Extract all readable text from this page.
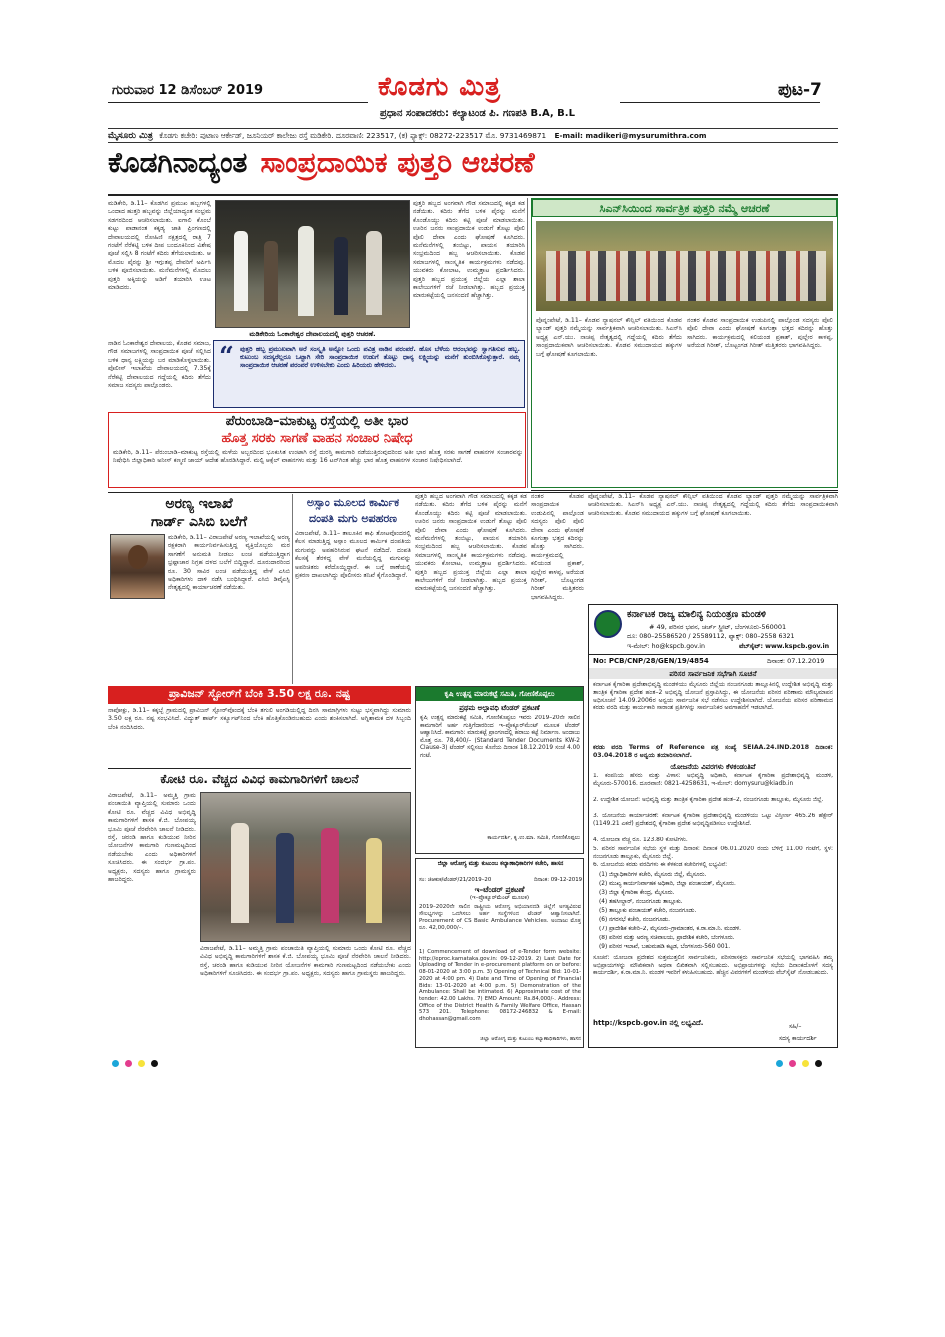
ಗುರುವಾರ 12 ಡಿಸೆಂಬರ್ 2019	ಕೊಡಗು ಮಿತ್ರ
ಪ್ರಧಾನ ಸಂಪಾದಕರು: ಕಲ್ಯಾಟಂಡ ಪಿ. ಗಣಪತಿ B.A, B.L
ಪುಟ-7
ಮೈಸೂರು ಮಿತ್ರ ಕೊಡಗು ಕಚೇರಿ: ಪುಟಾಣ ಆರ್ಕೇಡ್, ಜೂನಿಯರ್ ಕಾಲೇಜು ರಸ್ತೆ ಮಡಿಕೇರಿ. ದೂರವಾಣಿ: 223517, (ಕ) ಫ್ಯಾಕ್ಸ್: 08272-223517 ಮೊ. 9731469871 E-mail: madikeri@mysurumithra.com
ಕೊಡಗಿನಾದ್ಯಂತ ಸಾಂಪ್ರದಾಯಿಕ ಪುತ್ತರಿ ಆಚರಣೆ
ಮಡಿಕೇರಿ, ಡಿ.11– ಕೊಡಗಿನ ಪ್ರಮುಖ ಹಬ್ಬಗಳಲ್ಲಿ ಒಂದಾದ ಹುತ್ತರಿ ಹಬ್ಬವನ್ನು ಜಿಲ್ಲೆಯಾದ್ಯಂತ ಸಂಭ್ರಮ ಸಡಗರದಿಂದ ಆಚರಿಸಲಾಯಿತು. ಐಗಾಲಿ ಕೊಂಬೆ ಕುಟ್ಟು ಪಾಡಾನಂತ ಕಕ್ಕಡ್ಯ ಜಾತಿ ಪ್ರಿಂಗಣದಲ್ಲಿ ದೇವಾಲಯದಲ್ಲಿ ರೋಹಿಣಿ ನಕ್ಷತ್ರದಲ್ಲಿ ರಾತ್ರಿ 7 ಗಂಟೆಗೆ ನೆರೆಕಟ್ಟಿ ಬಳಿಕ ದೀಪ ಬಂದೂಕಿನಿಂದ ವಿಶೇಷ ಪೂಜೆ ಸಲ್ಲಿಸಿ 8 ಗಂಟೆಗೆ ಕದಿರು ತೆಗೆಯಲಾಯಿತು. ಆ ಮೊದಲ ಪೈರನ್ನು ಶ್ರೀ ಇಗ್ಗುತಪ್ಪ ದೇವರಿಗೆ ಅರ್ಪಿಸಿ ಬಳಿಕ ಪೂಜಿಸಲಾಯಿತು. ಮನೆಮನೆಗಳಲ್ಲಿ ಮೊದಲು ಪುತ್ತರಿ ಅಕ್ಕಿಯನ್ನು ಅಡಿಗೆ ತಯಾರಿಸಿ ಊಟ ಮಾಡಿದರು.
ನಾಡಿನ ಓಂಕಾರೇಶ್ವರ ದೇವಾಲಯ, ಕೊಡವ ಸಮಾಜ, ಗೌಡ ಸಮಾಜಗಳಲ್ಲಿ ಸಾಂಪ್ರದಾಯಿಕ ಪೂಜೆ ಸಲ್ಲಿಸಿದ ಬಳಿಕ ಧಾನ್ಯ ಲಕ್ಷ್ಮಿಯನ್ನು ಬರ ಮಾಡಿಕೊಳ್ಳಲಾಯಿತು. ಪೊಲೀಸ್ ಇಲಾಖೆಯ ದೇವಾಲಯದಲ್ಲಿ 7.35ಕ್ಕೆ ನೆರೆಕಟ್ಟಿ ದೇವಾಲಯದ ಗದ್ದೆಯಲ್ಲಿ ಕದಿರು ತೆಗೆದು ಸಮಾಜ ಸದಸ್ಯರು ಪಾಲ್ಗೊಂಡರು.
ಮಡಿಕೇರಿಯ ಓಂಕಾರೇಶ್ವರ ದೇವಾಲಯದಲ್ಲಿ ಪುತ್ತರಿ ಆಚರಣೆ.
“ ಪುತ್ತರಿ ಹಬ್ಬ ಪ್ರಮುಖವಾಗಿ ಅರೆ ಸಂಸ್ಕೃತಿ ಅನ್ನೋ ಒಂದು ಪವಿತ್ರ ನಾಡಿನ ಪರಂಪರೆ. ಹೊಸ ಬೆಳೆಯ ಆರಂಭವನ್ನು ಸ್ವಾಗತಿಸುವ ಹಬ್ಬ. ಕುಟುಂಬ ಸದಸ್ಯರೆಲ್ಲರೂ ಒಟ್ಟಾಗಿ ಸೇರಿ ಸಾಂಪ್ರದಾಯಿಕ ಉಡುಗೆ ತೊಟ್ಟು ಧಾನ್ಯ ಲಕ್ಷ್ಮಿಯನ್ನು ಮನೆಗೆ ತುಂಬಿಸಿಕೊಳ್ಳುತ್ತಾರೆ. ನಮ್ಮ ಸಾಂಪ್ರದಾಯಿಕ ಆಚರಣೆ ಪರಂಪರೆ ಉಳಿಸಬೇಕು ಎಂದು ಹಿರಿಯರು ಹೇಳಿದರು.
ಪುತ್ತರಿ ಹಬ್ಬದ ಅಂಗವಾಗಿ ಗೌಡ ಸಮಾಜದಲ್ಲಿ ಕಕ್ಕಡ ಕಡ ನಡೆಯಿತು. ಕದಿರು ತೆಗೆದ ಬಳಿಕ ಪೈರನ್ನು ಮನೆಗೆ ಕೊಂಡೊಯ್ದು ಕದಿರು ಕಟ್ಟಿ ಪೂಜೆ ಮಾಡಲಾಯಿತು. ಊರಿನ ಜನರು ಸಾಂಪ್ರದಾಯಿಕ ಉಡುಗೆ ತೊಟ್ಟು ಪೊಲಿ ಪೊಲಿ ದೇವಾ ಎಂದು ಘೋಷಣೆ ಕೂಗಿದರು. ಮನೆಮನೆಗಳಲ್ಲಿ ತಂಬಿಟ್ಟು, ಪಾಯಸ ತಯಾರಿಸಿ ಸಂಭ್ರಮದಿಂದ ಹಬ್ಬ ಆಚರಿಸಲಾಯಿತು. ಕೊಡವ ಸಮಾಜಗಳಲ್ಲಿ ಸಾಂಸ್ಕೃತಿಕ ಕಾರ್ಯಕ್ರಮಗಳು ನಡೆದವು. ಯುವಕರು ಕೋಲಾಟ, ಉಮ್ಮತ್ತಾಟ ಪ್ರದರ್ಶಿಸಿದರು. ಪುತ್ತರಿ ಹಬ್ಬದ ಪ್ರಯುಕ್ತ ಜಿಲ್ಲೆಯ ಎಲ್ಲಾ ಶಾಲಾ ಕಾಲೇಜುಗಳಿಗೆ ರಜೆ ನೀಡಲಾಗಿತ್ತು. ಹಬ್ಬದ ಪ್ರಯುಕ್ತ ಮಾರುಕಟ್ಟೆಯಲ್ಲಿ ಜನಸಂದಣಿ ಹೆಚ್ಚಾಗಿತ್ತು.
ಸಿಎನ್‌ಸಿಯಿಂದ ಸಾರ್ವತ್ರಿಕ ಪುತ್ತರಿ ನಮ್ಮೆ ಆಚರಣೆ
ಪೊನ್ನಂಪೇಟೆ, ಡಿ.11– ಕೊಡವ ನ್ಯಾಷನಲ್ ಕೌನ್ಸಿಲ್ ವತಿಯಿಂದ ಕೊಡವ ಲ್ಯಾಂಡ್ ಪುತ್ತರಿ ನಮ್ಮೆಯನ್ನು ಸಾರ್ವತ್ರಿಕವಾಗಿ ಆಚರಿಸಲಾಯಿತು. ಸಿಎನ್‌ಸಿ ಅಧ್ಯಕ್ಷ ಎನ್.ಯು. ನಾಚಪ್ಪ ನೇತೃತ್ವದಲ್ಲಿ ಗದ್ದೆಯಲ್ಲಿ ಕದಿರು ತೆಗೆದು ಸಾಂಪ್ರದಾಯಿಕವಾಗಿ ಆಚರಿಸಲಾಯಿತು. ಕೊಡವ ಸಮುದಾಯದ ಹಕ್ಕುಗಳ ಬಗ್ಗೆ ಘೋಷಣೆ ಕೂಗಲಾಯಿತು.
ನಂತರ ಕೊಡವ ಸಾಂಪ್ರದಾಯಿಕ ಉಡುಪಿನಲ್ಲಿ ಪಾಲ್ಗೊಂಡ ಸದಸ್ಯರು ಪೊಲಿ ಪೊಲಿ ದೇವಾ ಎಂದು ಘೋಷಣೆ ಕೂಗುತ್ತಾ ಭತ್ತದ ಕದಿರನ್ನು ಹೊತ್ತು ಸಾಗಿದರು. ಕಾರ್ಯಕ್ರಮದಲ್ಲಿ ಕಲಿಯಂಡ ಪ್ರಕಾಶ್, ಪುಲ್ಲೇರ ಕಾಳಪ್ಪ, ಅರೆಯಡ ಗಿರೀಶ್, ಬೊಟ್ಟಂಗಡ ಗಿರೀಶ್ ಮತ್ತಿತರರು ಭಾಗವಹಿಸಿದ್ದರು.
ಪೆರುಂಬಾಡಿ–ಮಾಕುಟ್ಟ ರಸ್ತೆಯಲ್ಲಿ ಅತೀ ಭಾರ
ಹೊತ್ತ ಸರಕು ಸಾಗಣೆ ವಾಹನ ಸಂಚಾರ ನಿಷೇಧ
ಮಡಿಕೇರಿ, ಡಿ.11– ಪೆರುಂಬಾಡಿ–ಮಾಕುಟ್ಟ ರಸ್ತೆಯಲ್ಲಿ ಮಳೆಯ ಅಬ್ಬರದಿಂದ ಭೂಕುಸಿತ ಉಂಟಾಗಿ ರಸ್ತೆ ದುರಸ್ತಿ ಕಾಮಗಾರಿ ನಡೆಯುತ್ತಿರುವುದರಿಂದ ಅತೀ ಭಾರ ಹೊತ್ತ ಸರಕು ಸಾಗಣೆ ವಾಹನಗಳ ಸಂಚಾರವನ್ನು ನಿಷೇಧಿಸಿ ಜಿಲ್ಲಾಧಿಕಾರಿ ಅನೀಸ್ ಕಣ್ಮಣಿ ಜಾಯ್ ಆದೇಶ ಹೊರಡಿಸಿದ್ದಾರೆ. ಮಲ್ಟಿ ಆಕ್ಸೆಲ್ ವಾಹನಗಳು ಮತ್ತು 16 ಟನ್‌ಗಿಂತ ಹೆಚ್ಚು ಭಾರ ಹೊತ್ತ ವಾಹನಗಳ ಸಂಚಾರ ನಿಷೇಧಿಸಲಾಗಿದೆ.
ಅರಣ್ಯ ಇಲಾಖೆ
ಗಾರ್ಡ್ ಎಸಿಬಿ ಬಲೆಗೆ
ಮಡಿಕೇರಿ, ಡಿ.11– ವಿರಾಜಪೇಟೆ ಅರಣ್ಯ ಇಲಾಖೆಯಲ್ಲಿ ಅರಣ್ಯ ರಕ್ಷಕರಾಗಿ ಕಾರ್ಯನಿರ್ವಹಿಸುತ್ತಿದ್ದ ವ್ಯಕ್ತಿಯೊಬ್ಬರು ಮರ ಸಾಗಣೆಗೆ ಅನುಮತಿ ನೀಡಲು ಲಂಚ ಪಡೆಯುತ್ತಿದ್ದಾಗ ಭ್ರಷ್ಟಾಚಾರ ನಿಗ್ರಹ ದಳದ ಬಲೆಗೆ ಬಿದ್ದಿದ್ದಾರೆ. ದೂರುದಾರರಿಂದ ರೂ. 30 ಸಾವಿರ ಲಂಚ ಪಡೆಯುತ್ತಿದ್ದ ವೇಳೆ ಎಸಿಬಿ ಅಧಿಕಾರಿಗಳು ದಾಳಿ ನಡೆಸಿ ಬಂಧಿಸಿದ್ದಾರೆ. ಎಸಿಬಿ ಡಿವೈಎಸ್ಪಿ ನೇತೃತ್ವದಲ್ಲಿ ಕಾರ್ಯಾಚರಣೆ ನಡೆಯಿತು.
ಅಸ್ಸಾಂ ಮೂಲದ ಕಾರ್ಮಿಕ
ದಂಪತಿ ಮಗು ಅಪಹರಣ
ವಿರಾಜಪೇಟೆ, ಡಿ.11– ತಾಲೂಕಿನ ಕಾಫಿ ತೋಟವೊಂದರಲ್ಲಿ ಕೆಲಸ ಮಾಡುತ್ತಿದ್ದ ಅಸ್ಸಾಂ ಮೂಲದ ಕಾರ್ಮಿಕ ದಂಪತಿಯ ಮಗುವನ್ನು ಅಪಹರಿಸಿರುವ ಘಟನೆ ನಡೆದಿದೆ. ದಂಪತಿ ಕೆಲಸಕ್ಕೆ ತೆರಳಿದ್ದ ವೇಳೆ ಮನೆಯಲ್ಲಿದ್ದ ಮಗುವನ್ನು ಅಪರಿಚಿತರು ಕರೆದೊಯ್ದಿದ್ದಾರೆ. ಈ ಬಗ್ಗೆ ಠಾಣೆಯಲ್ಲಿ ಪ್ರಕರಣ ದಾಖಲಾಗಿದ್ದು ಪೊಲೀಸರು ತನಿಖೆ ಕೈಗೊಂಡಿದ್ದಾರೆ.
ಪ್ರಾವಿಜನ್ ಸ್ಟೋರ್‌ಗೆ ಬೆಂಕಿ 3.50 ಲಕ್ಷ ರೂ. ನಷ್ಟ
ನಾಪೋಕ್ಲು, ಡಿ.11– ಕಕ್ಕಬ್ಬೆ ಗ್ರಾಮದಲ್ಲಿ ಪ್ರಾವಿಜನ್ ಸ್ಟೋರ್‌ವೊಂದಕ್ಕೆ ಬೆಂಕಿ ತಗುಲಿ ಅಂಗಡಿಯಲ್ಲಿದ್ದ ದಿನಸಿ ಸಾಮಾಗ್ರಿಗಳು ಸುಟ್ಟು ಭಸ್ಮವಾಗಿದ್ದು ಸುಮಾರು 3.50 ಲಕ್ಷ ರೂ. ನಷ್ಟ ಸಂಭವಿಸಿದೆ. ವಿದ್ಯುತ್ ಶಾರ್ಟ್ ಸರ್ಕ್ಯೂಟ್‌ನಿಂದ ಬೆಂಕಿ ಹೊತ್ತಿಕೊಂಡಿರಬಹುದು ಎಂದು ಶಂಕಿಸಲಾಗಿದೆ. ಅಗ್ನಿಶಾಮಕ ದಳ ಸಿಬ್ಬಂದಿ ಬೆಂಕಿ ನಂದಿಸಿದರು.
ಕೋಟಿ ರೂ. ವೆಚ್ಚದ ವಿವಿಧ ಕಾಮಗಾರಿಗಳಿಗೆ ಚಾಲನೆ
ವಿರಾಜಪೇಟೆ, ಡಿ.11– ಅಮ್ಮತ್ತಿ ಗ್ರಾಮ ಪಂಚಾಯಿತಿ ವ್ಯಾಪ್ತಿಯಲ್ಲಿ ಸುಮಾರು ಒಂದು ಕೋಟಿ ರೂ. ವೆಚ್ಚದ ವಿವಿಧ ಅಭಿವೃದ್ಧಿ ಕಾಮಗಾರಿಗಳಿಗೆ ಶಾಸಕ ಕೆ.ಜಿ. ಬೋಪಯ್ಯ ಭೂಮಿ ಪೂಜೆ ನೆರವೇರಿಸಿ ಚಾಲನೆ ನೀಡಿದರು. ರಸ್ತೆ, ಚರಂಡಿ ಹಾಗೂ ಕುಡಿಯುವ ನೀರಿನ ಯೋಜನೆಗಳ ಕಾಮಗಾರಿ ಗುಣಮಟ್ಟದಿಂದ ನಡೆಯಬೇಕು ಎಂದು ಅಧಿಕಾರಿಗಳಿಗೆ ಸೂಚಿಸಿದರು. ಈ ಸಂದರ್ಭ ಗ್ರಾ.ಪಂ. ಅಧ್ಯಕ್ಷರು, ಸದಸ್ಯರು ಹಾಗೂ ಗ್ರಾಮಸ್ಥರು ಹಾಜರಿದ್ದರು.
ವಿರಾಜಪೇಟೆ, ಡಿ.11– ಅಮ್ಮತ್ತಿ ಗ್ರಾಮ ಪಂಚಾಯಿತಿ ವ್ಯಾಪ್ತಿಯಲ್ಲಿ ಸುಮಾರು ಒಂದು ಕೋಟಿ ರೂ. ವೆಚ್ಚದ ವಿವಿಧ ಅಭಿವೃದ್ಧಿ ಕಾಮಗಾರಿಗಳಿಗೆ ಶಾಸಕ ಕೆ.ಜಿ. ಬೋಪಯ್ಯ ಭೂಮಿ ಪೂಜೆ ನೆರವೇರಿಸಿ ಚಾಲನೆ ನೀಡಿದರು. ರಸ್ತೆ, ಚರಂಡಿ ಹಾಗೂ ಕುಡಿಯುವ ನೀರಿನ ಯೋಜನೆಗಳ ಕಾಮಗಾರಿ ಗುಣಮಟ್ಟದಿಂದ ನಡೆಯಬೇಕು ಎಂದು ಅಧಿಕಾರಿಗಳಿಗೆ ಸೂಚಿಸಿದರು. ಈ ಸಂದರ್ಭ ಗ್ರಾ.ಪಂ. ಅಧ್ಯಕ್ಷರು, ಸದಸ್ಯರು ಹಾಗೂ ಗ್ರಾಮಸ್ಥರು ಹಾಜರಿದ್ದರು.
ಕೃಷಿ ಉತ್ಪನ್ನ ಮಾರುಕಟ್ಟೆ ಸಮಿತಿ, ಗೋಣಿಕೊಪ್ಪಲು
ಪ್ರಥಮ ಅಲ್ಪಾವಧಿ ಟೆಂಡರ್ ಪ್ರಕಟಣೆ
ಕೃಷಿ ಉತ್ಪನ್ನ ಮಾರುಕಟ್ಟೆ ಸಮಿತಿ, ಗೋಣಿಕೊಪ್ಪಲು ಇವರು 2019–20ನೇ ಸಾಲಿನ ಕಾಮಗಾರಿಗೆ ಅರ್ಹ ಗುತ್ತಿಗೆದಾರರಿಂದ ಇ–ಪ್ರೊಕ್ಯೂರ್‌ಮೆಂಟ್ ಮೂಲಕ ಟೆಂಡರ್ ಆಹ್ವಾನಿಸಿದೆ. ಕಾಮಗಾರಿ: ಮಾರುಕಟ್ಟೆ ಪ್ರಾಂಗಣದಲ್ಲಿ ಹರಾಜು ಕಟ್ಟೆ ನಿರ್ಮಾಣ. ಅಂದಾಜು ಮೊತ್ತ ರೂ. 78,400/– (Standard Tender Documents KW-2 Clause-3) ಟೆಂಡರ್ ಸಲ್ಲಿಸಲು ಕೊನೆಯ ದಿನಾಂಕ 18.12.2019 ಸಂಜೆ 4.00 ಗಂಟೆ.
ಕಾರ್ಯದರ್ಶಿ, ಕೃ.ಉ.ಮಾ. ಸಮಿತಿ, ಗೋಣಿಕೊಪ್ಪಲು
ಜಿಲ್ಲಾ ಆರೋಗ್ಯ ಮತ್ತು ಕುಟುಂಬ ಕಲ್ಯಾಣಾಧಿಕಾರಿಗಳ ಕಚೇರಿ, ಹಾಸನ
ಸಂ: ಜಿಆಕುಕ/ಟೆಂಡರ್/21/2019–20	ದಿನಾಂಕ: 09-12-2019
ಇ–ಟೆಂಡರ್ ಪ್ರಕಟಣೆ
(ಇ–ಪ್ರೊಕ್ಯೂರ್‌ಮೆಂಟ್ ಮೂಲಕ)
2019–2020ನೇ ಸಾಲಿನ ರಾಷ್ಟ್ರೀಯ ಆರೋಗ್ಯ ಅಭಿಯಾನದಡಿ ಜಿಲ್ಲೆಗೆ ಅಗತ್ಯವಿರುವ ಸೌಲಭ್ಯಗಳನ್ನು ಒದಗಿಸಲು ಅರ್ಹ ಸಂಸ್ಥೆಗಳಿಂದ ಟೆಂಡರ್ ಆಹ್ವಾನಿಸಲಾಗಿದೆ. Procurement of CS Basic Ambulance Vehicles. ಅಂದಾಜು ಮೊತ್ತ ರೂ. 42,00,000/–.
1) Commencement of download of e-Tender form website: http://eproc.karnataka.gov.in: 09-12-2019. 2) Last Date for Uploading of Tender in e-procurement platform on or before: 08-01-2020 at 3:00 p.m. 3) Opening of Technical Bid: 10-01-2020 at 4:00 pm. 4) Date and Time of Opening of Financial Bids: 13-01-2020 at 4:00 p.m. 5) Demonstration of the Ambulance: Shall be intimated. 6) Approximate cost of the tender: 42.00 Lakhs. 7) EMD Amount: Rs.84,000/-. Address: Office of the District Health & Family Welfare Office, Hassan 573 201. Telephone: 08172-246832 & E-mail: dhohassan@gmail.com
ಜಿಲ್ಲಾ ಆರೋಗ್ಯ ಮತ್ತು ಕುಟುಂಬ ಕಲ್ಯಾಣಾಧಿಕಾರಿಗಳು, ಹಾಸನ
ಕರ್ನಾಟಕ ರಾಜ್ಯ ಮಾಲಿನ್ಯ ನಿಯಂತ್ರಣ ಮಂಡಳಿ
# 49, ಪರಿಸರ ಭವನ, ಚರ್ಚ್ ಸ್ಟ್ರೀಟ್, ಬೆಂಗಳೂರು-560001
ದೂ: 080–25586520 / 25589112, ಫ್ಯಾಕ್ಸ್: 080–2558 6321
ಇ-ಮೇಲ್: ho@kspcb.gov.in	ವೆಬ್‌ಸೈಟ್: www.kspcb.gov.in
No: PCB/CNP/28/GEN/19/4854	ದಿನಾಂಕ: 07.12.2019
ಪರಿಸರ ಸಾರ್ವಜನಿಕ ಸಭೆಗಾಗಿ ಸೂಚನೆ
ಕರ್ನಾಟಕ ಕೈಗಾರಿಕಾ ಪ್ರದೇಶಾಭಿವೃದ್ಧಿ ಮಂಡಳಿಯು ಮೈಸೂರು ಜಿಲ್ಲೆಯ ನಂಜನಗೂಡು ತಾಲ್ಲೂಕಿನಲ್ಲಿ ಉದ್ದೇಶಿತ ಅಭಿವೃದ್ಧಿ ಮತ್ತು ತಾಂತ್ರಿಕ ಕೈಗಾರಿಕಾ ಪ್ರದೇಶ ಹಂತ–2 ಅಭಿವೃದ್ಧಿ ಯೋಜನೆ ಪ್ರಸ್ತಾಪಿಸಿದ್ದು, ಈ ಯೋಜನೆಯ ಪರಿಸರ ಪರಿಣಾಮ ಮೌಲ್ಯಮಾಪನ ಅಧಿಸೂಚನೆ 14.09.2006ರ ಅನ್ವಯ ಸಾರ್ವಜನಿಕ ಸಭೆ ನಡೆಸಲು ಉದ್ದೇಶಿಸಲಾಗಿದೆ. ಯೋಜನೆಯ ಪರಿಸರ ಪರಿಣಾಮದ ಕರಡು ವರದಿ ಮತ್ತು ಕಾರ್ಯಕಾರಿ ಸಾರಾಂಶ ಪ್ರತಿಗಳನ್ನು ಸಾರ್ವಜನಿಕರ ಅವಗಾಹನೆಗೆ ಇಡಲಾಗಿದೆ.
ಕರಡು ವರದಿ Terms of Reference ಪತ್ರ ಸಂಖ್ಯೆ SEIAA.24.IND.2018 ದಿನಾಂಕ: 03.04.2018 ರ ಅನ್ವಯ ತಯಾರಿಸಲಾಗಿದೆ.
ಯೋಜನೆಯ ವಿವರಗಳು ಕೆಳಕಂಡಂತಿವೆ
1. ಕಂಪನಿಯ ಹೆಸರು ಮತ್ತು ವಿಳಾಸ: ಅಭಿವೃದ್ಧಿ ಅಧಿಕಾರಿ, ಕರ್ನಾಟಕ ಕೈಗಾರಿಕಾ ಪ್ರದೇಶಾಭಿವೃದ್ಧಿ ಮಂಡಳಿ, ಮೈಸೂರು-570016. ದೂರವಾಣಿ: 0821-4258631, ಇ-ಮೇಲ್: domysuru@kiadb.in
2. ಉದ್ದೇಶಿತ ಯೋಜನೆ: ಅಭಿವೃದ್ಧಿ ಮತ್ತು ತಾಂತ್ರಿಕ ಕೈಗಾರಿಕಾ ಪ್ರದೇಶ ಹಂತ–2, ನಂಜನಗೂಡು ತಾಲ್ಲೂಕು, ಮೈಸೂರು ಜಿಲ್ಲೆ.
3. ಯೋಜನೆಯ ಕಾರ್ಯಾಚರಣೆ: ಕರ್ನಾಟಕ ಕೈಗಾರಿಕಾ ಪ್ರದೇಶಾಭಿವೃದ್ಧಿ ಮಂಡಳಿಯು ಒಟ್ಟು ವಿಸ್ತೀರ್ಣ 465.26 ಹೆಕ್ಟೇರ್ (1149.21 ಎಕರೆ) ಪ್ರದೇಶದಲ್ಲಿ ಕೈಗಾರಿಕಾ ಪ್ರದೇಶ ಅಭಿವೃದ್ಧಿಪಡಿಸಲು ಉದ್ದೇಶಿಸಿದೆ.
4. ಯೋಜನಾ ವೆಚ್ಚ ರೂ. 123.80 ಕೋಟಿಗಳು.
5. ಪರಿಸರ ಸಾರ್ವಜನಿಕ ಸಭೆಯ ಸ್ಥಳ ಮತ್ತು ದಿನಾಂಕ: ದಿನಾಂಕ 06.01.2020 ರಂದು ಬೆಳಿಗ್ಗೆ 11.00 ಗಂಟೆಗೆ, ಸ್ಥಳ: ನಂಜನಗೂಡು ತಾಲ್ಲೂಕು, ಮೈಸೂರು ಜಿಲ್ಲೆ.
6. ಯೋಜನೆಯ ಕರಡು ವರದಿಗಳು ಈ ಕೆಳಕಂಡ ಕಚೇರಿಗಳಲ್ಲಿ ಲಭ್ಯವಿವೆ:
(1) ಜಿಲ್ಲಾಧಿಕಾರಿಗಳ ಕಚೇರಿ, ಮೈಸೂರು ಜಿಲ್ಲೆ, ಮೈಸೂರು.
(2) ಮುಖ್ಯ ಕಾರ್ಯನಿರ್ವಾಹಕ ಅಧಿಕಾರಿ, ಜಿಲ್ಲಾ ಪಂಚಾಯತ್, ಮೈಸೂರು.
(3) ಜಿಲ್ಲಾ ಕೈಗಾರಿಕಾ ಕೇಂದ್ರ, ಮೈಸೂರು.
(4) ತಹಸೀಲ್ದಾರ್, ನಂಜನಗೂಡು ತಾಲ್ಲೂಕು.
(5) ತಾಲ್ಲೂಕು ಪಂಚಾಯತ್ ಕಚೇರಿ, ನಂಜನಗೂಡು.
(6) ನಗರಸಭೆ ಕಚೇರಿ, ನಂಜನಗೂಡು.
(7) ಪ್ರಾದೇಶಿಕ ಕಚೇರಿ–2, ಮೈಸೂರು–ಗ್ರಾಮಾಂತರ, ಕ.ರಾ.ಮಾ.ನಿ. ಮಂಡಳಿ.
(8) ಪರಿಸರ ಮತ್ತು ಅರಣ್ಯ ಸಚಿವಾಲಯ, ಪ್ರಾದೇಶಿಕ ಕಚೇರಿ, ಬೆಂಗಳೂರು.
(9) ಪರಿಸರ ಇಲಾಖೆ, ಬಹುಮಹಡಿ ಕಟ್ಟಡ, ಬೆಂಗಳೂರು-560 001.
ಸೂಚನೆ: ಯೋಜನಾ ಪ್ರದೇಶದ ಸುತ್ತಮುತ್ತಲಿನ ಸಾರ್ವಜನಿಕರು, ಪರಿಸರಾಸಕ್ತರು ಸಾರ್ವಜನಿಕ ಸಭೆಯಲ್ಲಿ ಭಾಗವಹಿಸಿ ತಮ್ಮ ಅಭಿಪ್ರಾಯಗಳನ್ನು ಮೌಖಿಕವಾಗಿ ಅಥವಾ ಲಿಖಿತವಾಗಿ ಸಲ್ಲಿಸಬಹುದು. ಅಭಿಪ್ರಾಯಗಳನ್ನು ಸಭೆಯ ದಿನಾಂಕದೊಳಗೆ ಸದಸ್ಯ ಕಾರ್ಯದರ್ಶಿ, ಕ.ರಾ.ಮಾ.ನಿ. ಮಂಡಳಿ ಇವರಿಗೆ ಕಳುಹಿಸಬಹುದು. ಹೆಚ್ಚಿನ ವಿವರಗಳಿಗೆ ಮಂಡಳಿಯ ವೆಬ್‌ಸೈಟ್ ನೋಡಬಹುದು.
http://kspcb.gov.in ನಲ್ಲಿ ಲಭ್ಯವಿದೆ.	ಸಹಿ/–
ಸದಸ್ಯ ಕಾರ್ಯದರ್ಶಿ
ನಂತರ ಕೊಡವ ಸಾಂಪ್ರದಾಯಿಕ ಉಡುಪಿನಲ್ಲಿ ಪಾಲ್ಗೊಂಡ ಸದಸ್ಯರು ಪೊಲಿ ಪೊಲಿ ದೇವಾ ಎಂದು ಘೋಷಣೆ ಕೂಗುತ್ತಾ ಭತ್ತದ ಕದಿರನ್ನು ಹೊತ್ತು ಸಾಗಿದರು. ಕಾರ್ಯಕ್ರಮದಲ್ಲಿ ಕಲಿಯಂಡ ಪ್ರಕಾಶ್, ಪುಲ್ಲೇರ ಕಾಳಪ್ಪ, ಅರೆಯಡ ಗಿರೀಶ್, ಬೊಟ್ಟಂಗಡ ಗಿರೀಶ್ ಮತ್ತಿತರರು ಭಾಗವಹಿಸಿದ್ದರು.
ಪುತ್ತರಿ ಹಬ್ಬದ ಅಂಗವಾಗಿ ಗೌಡ ಸಮಾಜದಲ್ಲಿ ಕಕ್ಕಡ ಕಡ ನಡೆಯಿತು. ಕದಿರು ತೆಗೆದ ಬಳಿಕ ಪೈರನ್ನು ಮನೆಗೆ ಕೊಂಡೊಯ್ದು ಕದಿರು ಕಟ್ಟಿ ಪೂಜೆ ಮಾಡಲಾಯಿತು. ಊರಿನ ಜನರು ಸಾಂಪ್ರದಾಯಿಕ ಉಡುಗೆ ತೊಟ್ಟು ಪೊಲಿ ಪೊಲಿ ದೇವಾ ಎಂದು ಘೋಷಣೆ ಕೂಗಿದರು. ಮನೆಮನೆಗಳಲ್ಲಿ ತಂಬಿಟ್ಟು, ಪಾಯಸ ತಯಾರಿಸಿ ಸಂಭ್ರಮದಿಂದ ಹಬ್ಬ ಆಚರಿಸಲಾಯಿತು. ಕೊಡವ ಸಮಾಜಗಳಲ್ಲಿ ಸಾಂಸ್ಕೃತಿಕ ಕಾರ್ಯಕ್ರಮಗಳು ನಡೆದವು. ಯುವಕರು ಕೋಲಾಟ, ಉಮ್ಮತ್ತಾಟ ಪ್ರದರ್ಶಿಸಿದರು. ಪುತ್ತರಿ ಹಬ್ಬದ ಪ್ರಯುಕ್ತ ಜಿಲ್ಲೆಯ ಎಲ್ಲಾ ಶಾಲಾ ಕಾಲೇಜುಗಳಿಗೆ ರಜೆ ನೀಡಲಾಗಿತ್ತು. ಹಬ್ಬದ ಪ್ರಯುಕ್ತ ಮಾರುಕಟ್ಟೆಯಲ್ಲಿ ಜನಸಂದಣಿ ಹೆಚ್ಚಾಗಿತ್ತು.
ಪೊನ್ನಂಪೇಟೆ, ಡಿ.11– ಕೊಡವ ನ್ಯಾಷನಲ್ ಕೌನ್ಸಿಲ್ ವತಿಯಿಂದ ಕೊಡವ ಲ್ಯಾಂಡ್ ಪುತ್ತರಿ ನಮ್ಮೆಯನ್ನು ಸಾರ್ವತ್ರಿಕವಾಗಿ ಆಚರಿಸಲಾಯಿತು. ಸಿಎನ್‌ಸಿ ಅಧ್ಯಕ್ಷ ಎನ್.ಯು. ನಾಚಪ್ಪ ನೇತೃತ್ವದಲ್ಲಿ ಗದ್ದೆಯಲ್ಲಿ ಕದಿರು ತೆಗೆದು ಸಾಂಪ್ರದಾಯಿಕವಾಗಿ ಆಚರಿಸಲಾಯಿತು. ಕೊಡವ ಸಮುದಾಯದ ಹಕ್ಕುಗಳ ಬಗ್ಗೆ ಘೋಷಣೆ ಕೂಗಲಾಯಿತು.
